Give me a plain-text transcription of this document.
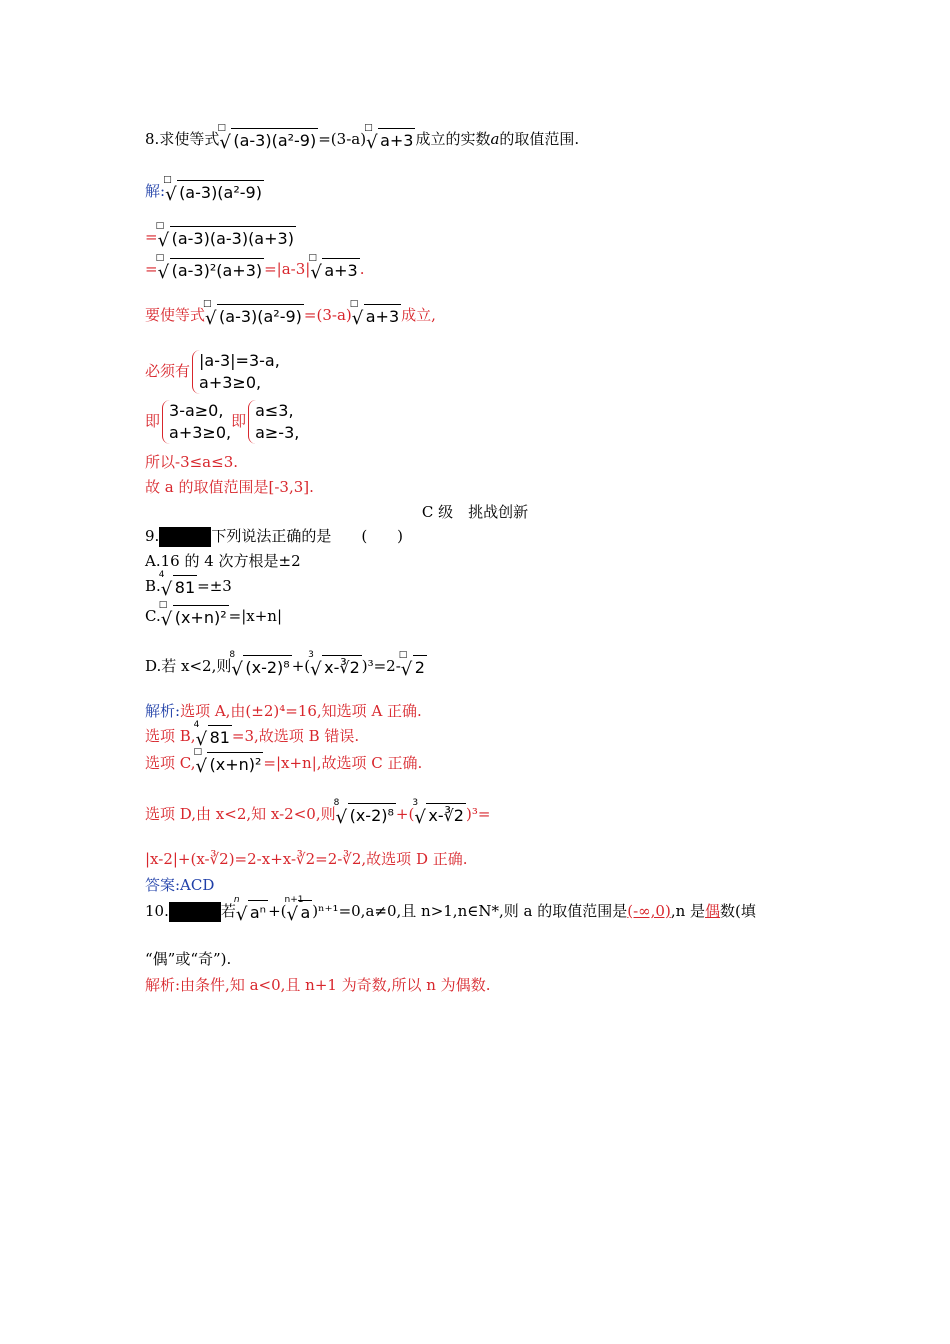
8.求使等式 √
□
(a-3)(a²-9) =(3-a) √
□
a+3 成立的实数a的取值范围.
解: √
□
(a-3)(a²-9)
= √
□
(a-3)(a-3)(a+3)
= √
□
(a-3)²(a+3) =|a-3| √
□
a+3 .
要使等式 √
□
(a-3)(a²-9) =(3-a) √
□
a+3 成立,
必须有
|a-3|=3-a,
a+3≥0,
即
3-a≥0,
a+3≥0,
即
a≤3,
a≥-3,
所以-3≤a≤3.
故 a 的取值范围是[-3,3].
C 级　挑战创新
9.	下列说法正确的是　　(　　)
A.16 的 4 次方根是±2
B. √
4
81 =±3
C. √
□
(x+n)² =|x+n|
D.若 x<2,则 √
8
(x-2)⁸ +( √
3
x-∛2 )³=2- √
□
2
解析:选项 A,由(±2)⁴=16,知选项 A 正确.
选项 B, √
4
81 =3,故选项 B 错误.
选项 C, √
□
(x+n)² =|x+n|,故选项 C 正确.
选项 D,由 x<2,知 x-2<0,则 √
8
(x-2)⁸ +( √
3
x-∛2 )³=
|x-2|+(x-∛2)=2-x+x-∛2=2-∛2,故选项 D 正确.
答案:ACD
10.	若 √
n
aⁿ +( √
n+1
a )ⁿ⁺¹=0,a≠0,且 n>1,n∈N*,则 a 的取值范围是(-∞,0),n 是偶数(填
“偶”或“奇”).
解析:由条件,知 a<0,且 n+1 为奇数,所以 n 为偶数.
